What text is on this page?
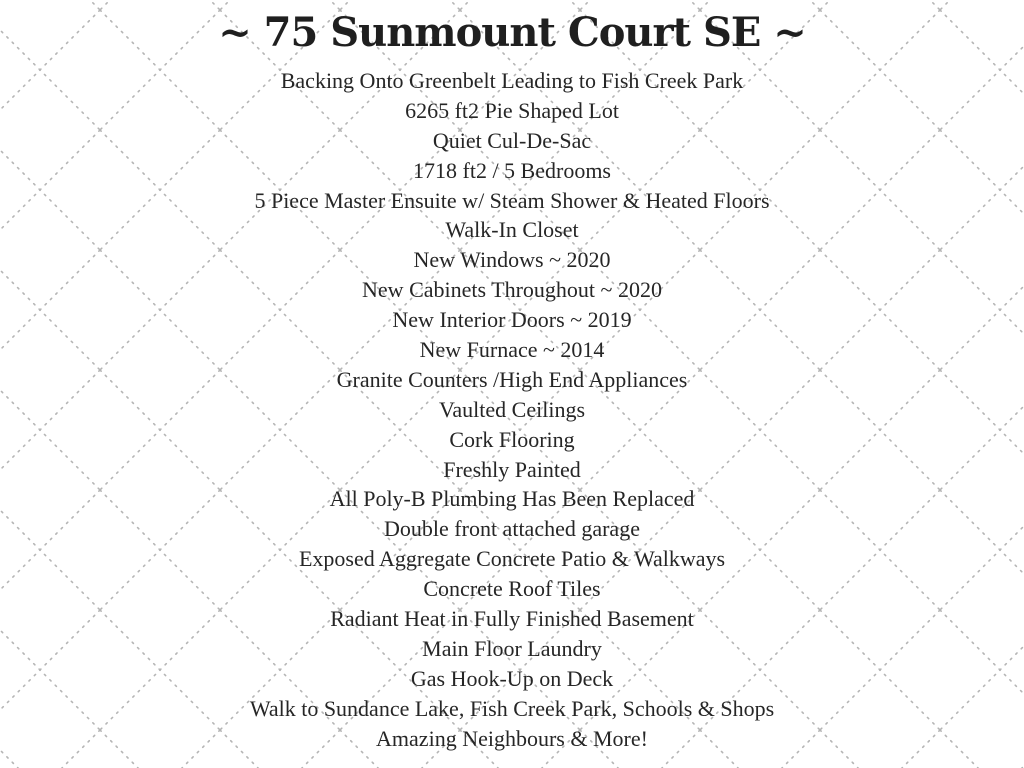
~ 75 Sunmount Court SE ~
Backing Onto Greenbelt Leading to Fish Creek Park
6265 ft2 Pie Shaped Lot
Quiet Cul-De-Sac
1718 ft2 / 5 Bedrooms
5 Piece Master Ensuite w/ Steam Shower & Heated Floors
Walk-In Closet
New Windows ~ 2020
New Cabinets Throughout ~ 2020
New Interior Doors ~ 2019
New Furnace ~ 2014
Granite Counters /High End Appliances
Vaulted Ceilings
Cork Flooring
Freshly Painted
All Poly-B Plumbing Has Been Replaced
Double front attached garage
Exposed Aggregate Concrete Patio & Walkways
Concrete Roof Tiles
Radiant Heat in Fully Finished Basement
Main Floor Laundry
Gas Hook-Up on Deck
Walk to Sundance Lake, Fish Creek Park, Schools & Shops
Amazing Neighbours & More!
